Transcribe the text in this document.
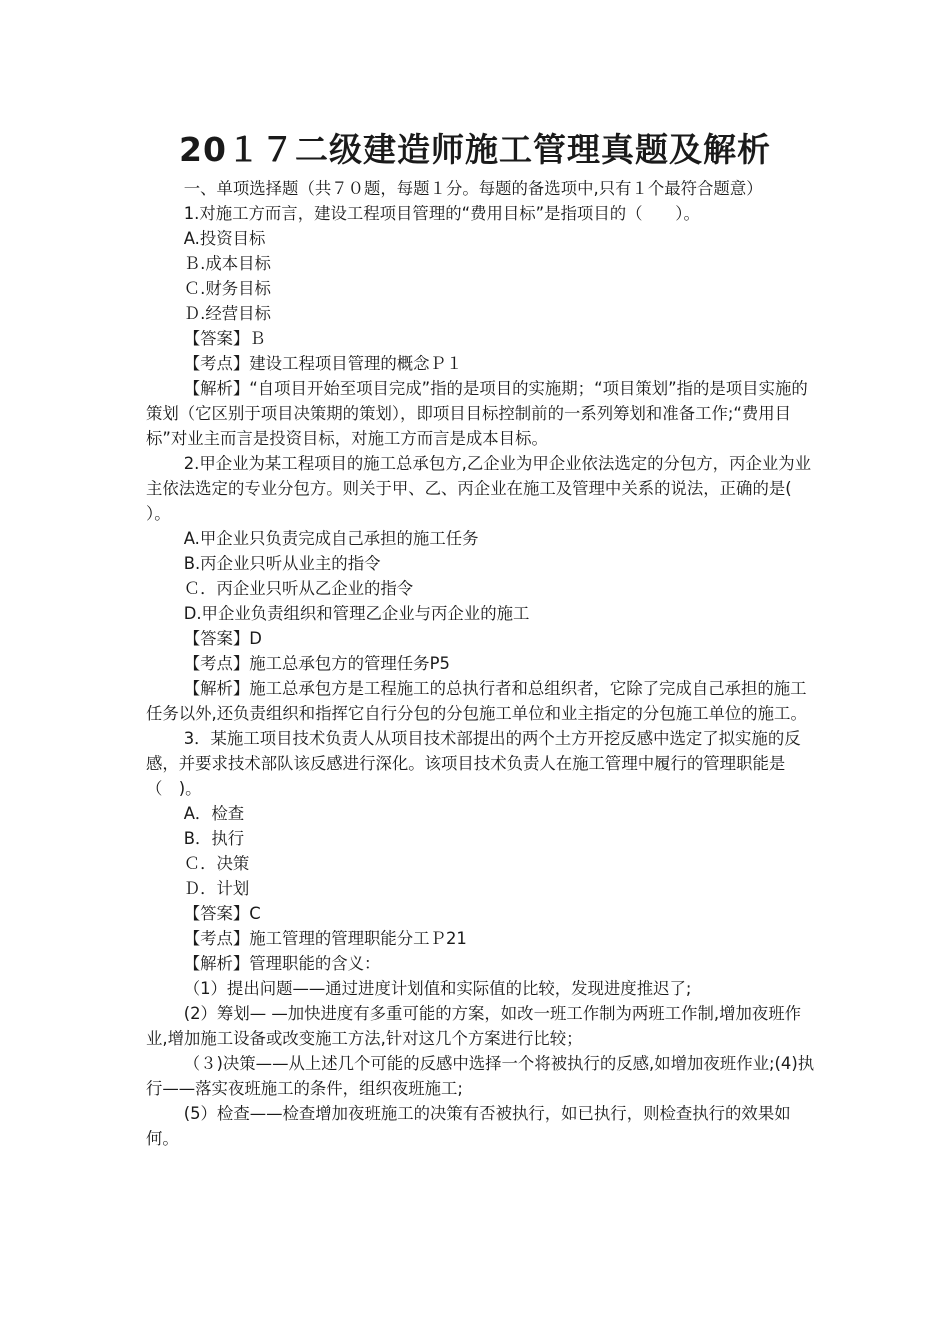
20１７二级建造师施工管理真题及解析

一、单项选择题（共７０题，每题１分。每题的备选项中,只有１个最符合题意）

1.对施工方而言，建设工程项目管理的“费用目标”是指项目的（　　）。

A.投资目标

Ｂ.成本目标

Ｃ.财务目标

Ｄ.经营目标

【答案】Ｂ

【考点】建设工程项目管理的概念Ｐ１

【解析】“自项目开始至项目完成”指的是项目的实施期；“项目策划”指的是项目实施的策划（它区别于项目决策期的策划），即项目目标控制前的一系列筹划和准备工作;“费用目标”对业主而言是投资目标，对施工方而言是成本目标。

2.甲企业为某工程项目的施工总承包方,乙企业为甲企业依法选定的分包方，丙企业为业主依法选定的专业分包方。则关于甲、乙、丙企业在施工及管理中关系的说法，正确的是(　　）。

A.甲企业只负责完成自己承担的施工任务

B.丙企业只听从业主的指令

Ｃ．丙企业只听从乙企业的指令

D.甲企业负责组织和管理乙企业与丙企业的施工

【答案】D

【考点】施工总承包方的管理任务P5

【解析】施工总承包方是工程施工的总执行者和总组织者，它除了完成自己承担的施工任务以外,还负责组织和指挥它自行分包的分包施工单位和业主指定的分包施工单位的施工。

3．某施工项目技术负责人从项目技术部提出的两个土方开挖反感中选定了拟实施的反感，并要求技术部队该反感进行深化。该项目技术负责人在施工管理中履行的管理职能是（　)。

A．检查

B．执行

Ｃ．决策

Ｄ．计划

【答案】C

【考点】施工管理的管理职能分工Ｐ21

【解析】管理职能的含义：

（1）提出问题——通过进度计划值和实际值的比较，发现进度推迟了;

(2）筹划— —加快进度有多重可能的方案，如改一班工作制为两班工作制,增加夜班作业,增加施工设备或改变施工方法,针对这几个方案进行比较；

（３)决策——从上述几个可能的反感中选择一个将被执行的反感,如增加夜班作业;(4)执行——落实夜班施工的条件，组织夜班施工;

(5）检查——检查增加夜班施工的决策有否被执行，如已执行，则检查执行的效果如何。
